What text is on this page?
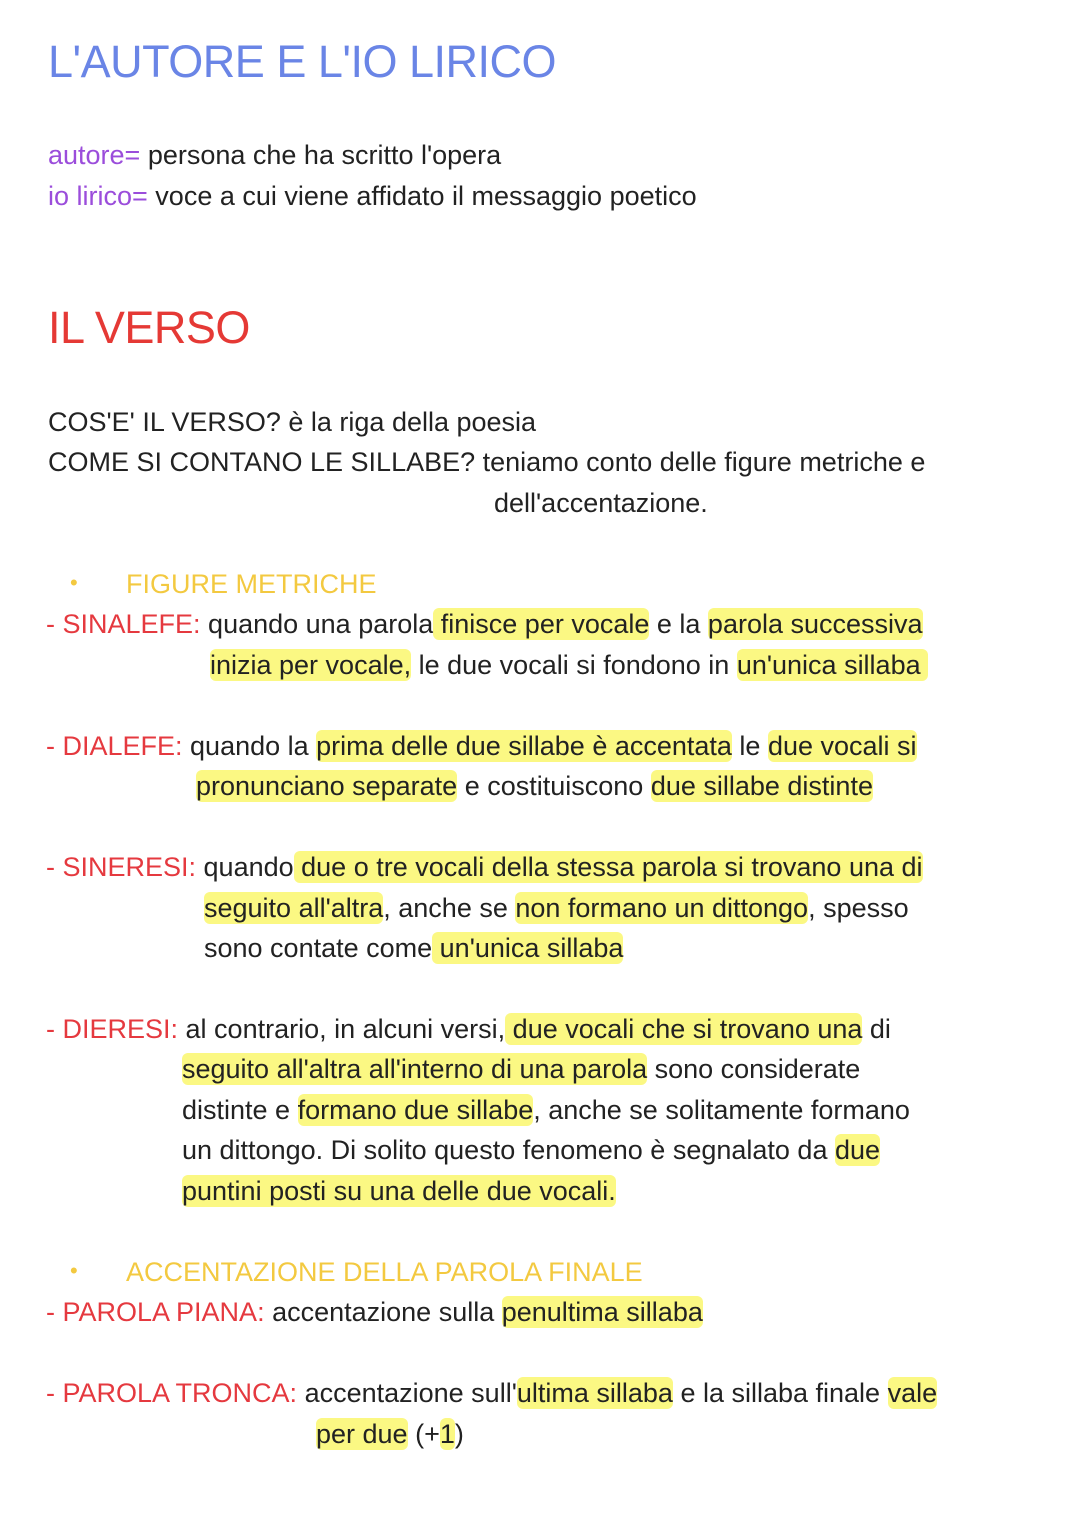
L'AUTORE E L'IO LIRICO
autore= persona che ha scritto l'opera
io lirico= voce a cui viene affidato il messaggio poetico
IL VERSO
COS'E' IL VERSO? è la riga della poesia
COME SI CONTANO LE SILLABE? teniamo conto delle figure metriche e
dell'accentazione.
FIGURE METRICHE
- SINALEFE: quando una parola finisce per vocale e la parola successiva
inizia per vocale, le due vocali si fondono in un'unica sillaba
- DIALEFE: quando la prima delle due sillabe è accentata le due vocali si
pronunciano separate e costituiscono due sillabe distinte
- SINERESI: quando due o tre vocali della stessa parola si trovano una di
seguito all'altra, anche se non formano un dittongo, spesso
sono contate come un'unica sillaba
- DIERESI: al contrario, in alcuni versi, due vocali che si trovano una di
seguito all'altra all'interno di una parola sono considerate
distinte e formano due sillabe, anche se solitamente formano
un dittongo. Di solito questo fenomeno è segnalato da due
puntini posti su una delle due vocali.
ACCENTAZIONE DELLA PAROLA FINALE
- PAROLA PIANA: accentazione sulla penultima sillaba
- PAROLA TRONCA: accentazione sull'ultima sillaba e la sillaba finale vale
per due (+1)
•
•
